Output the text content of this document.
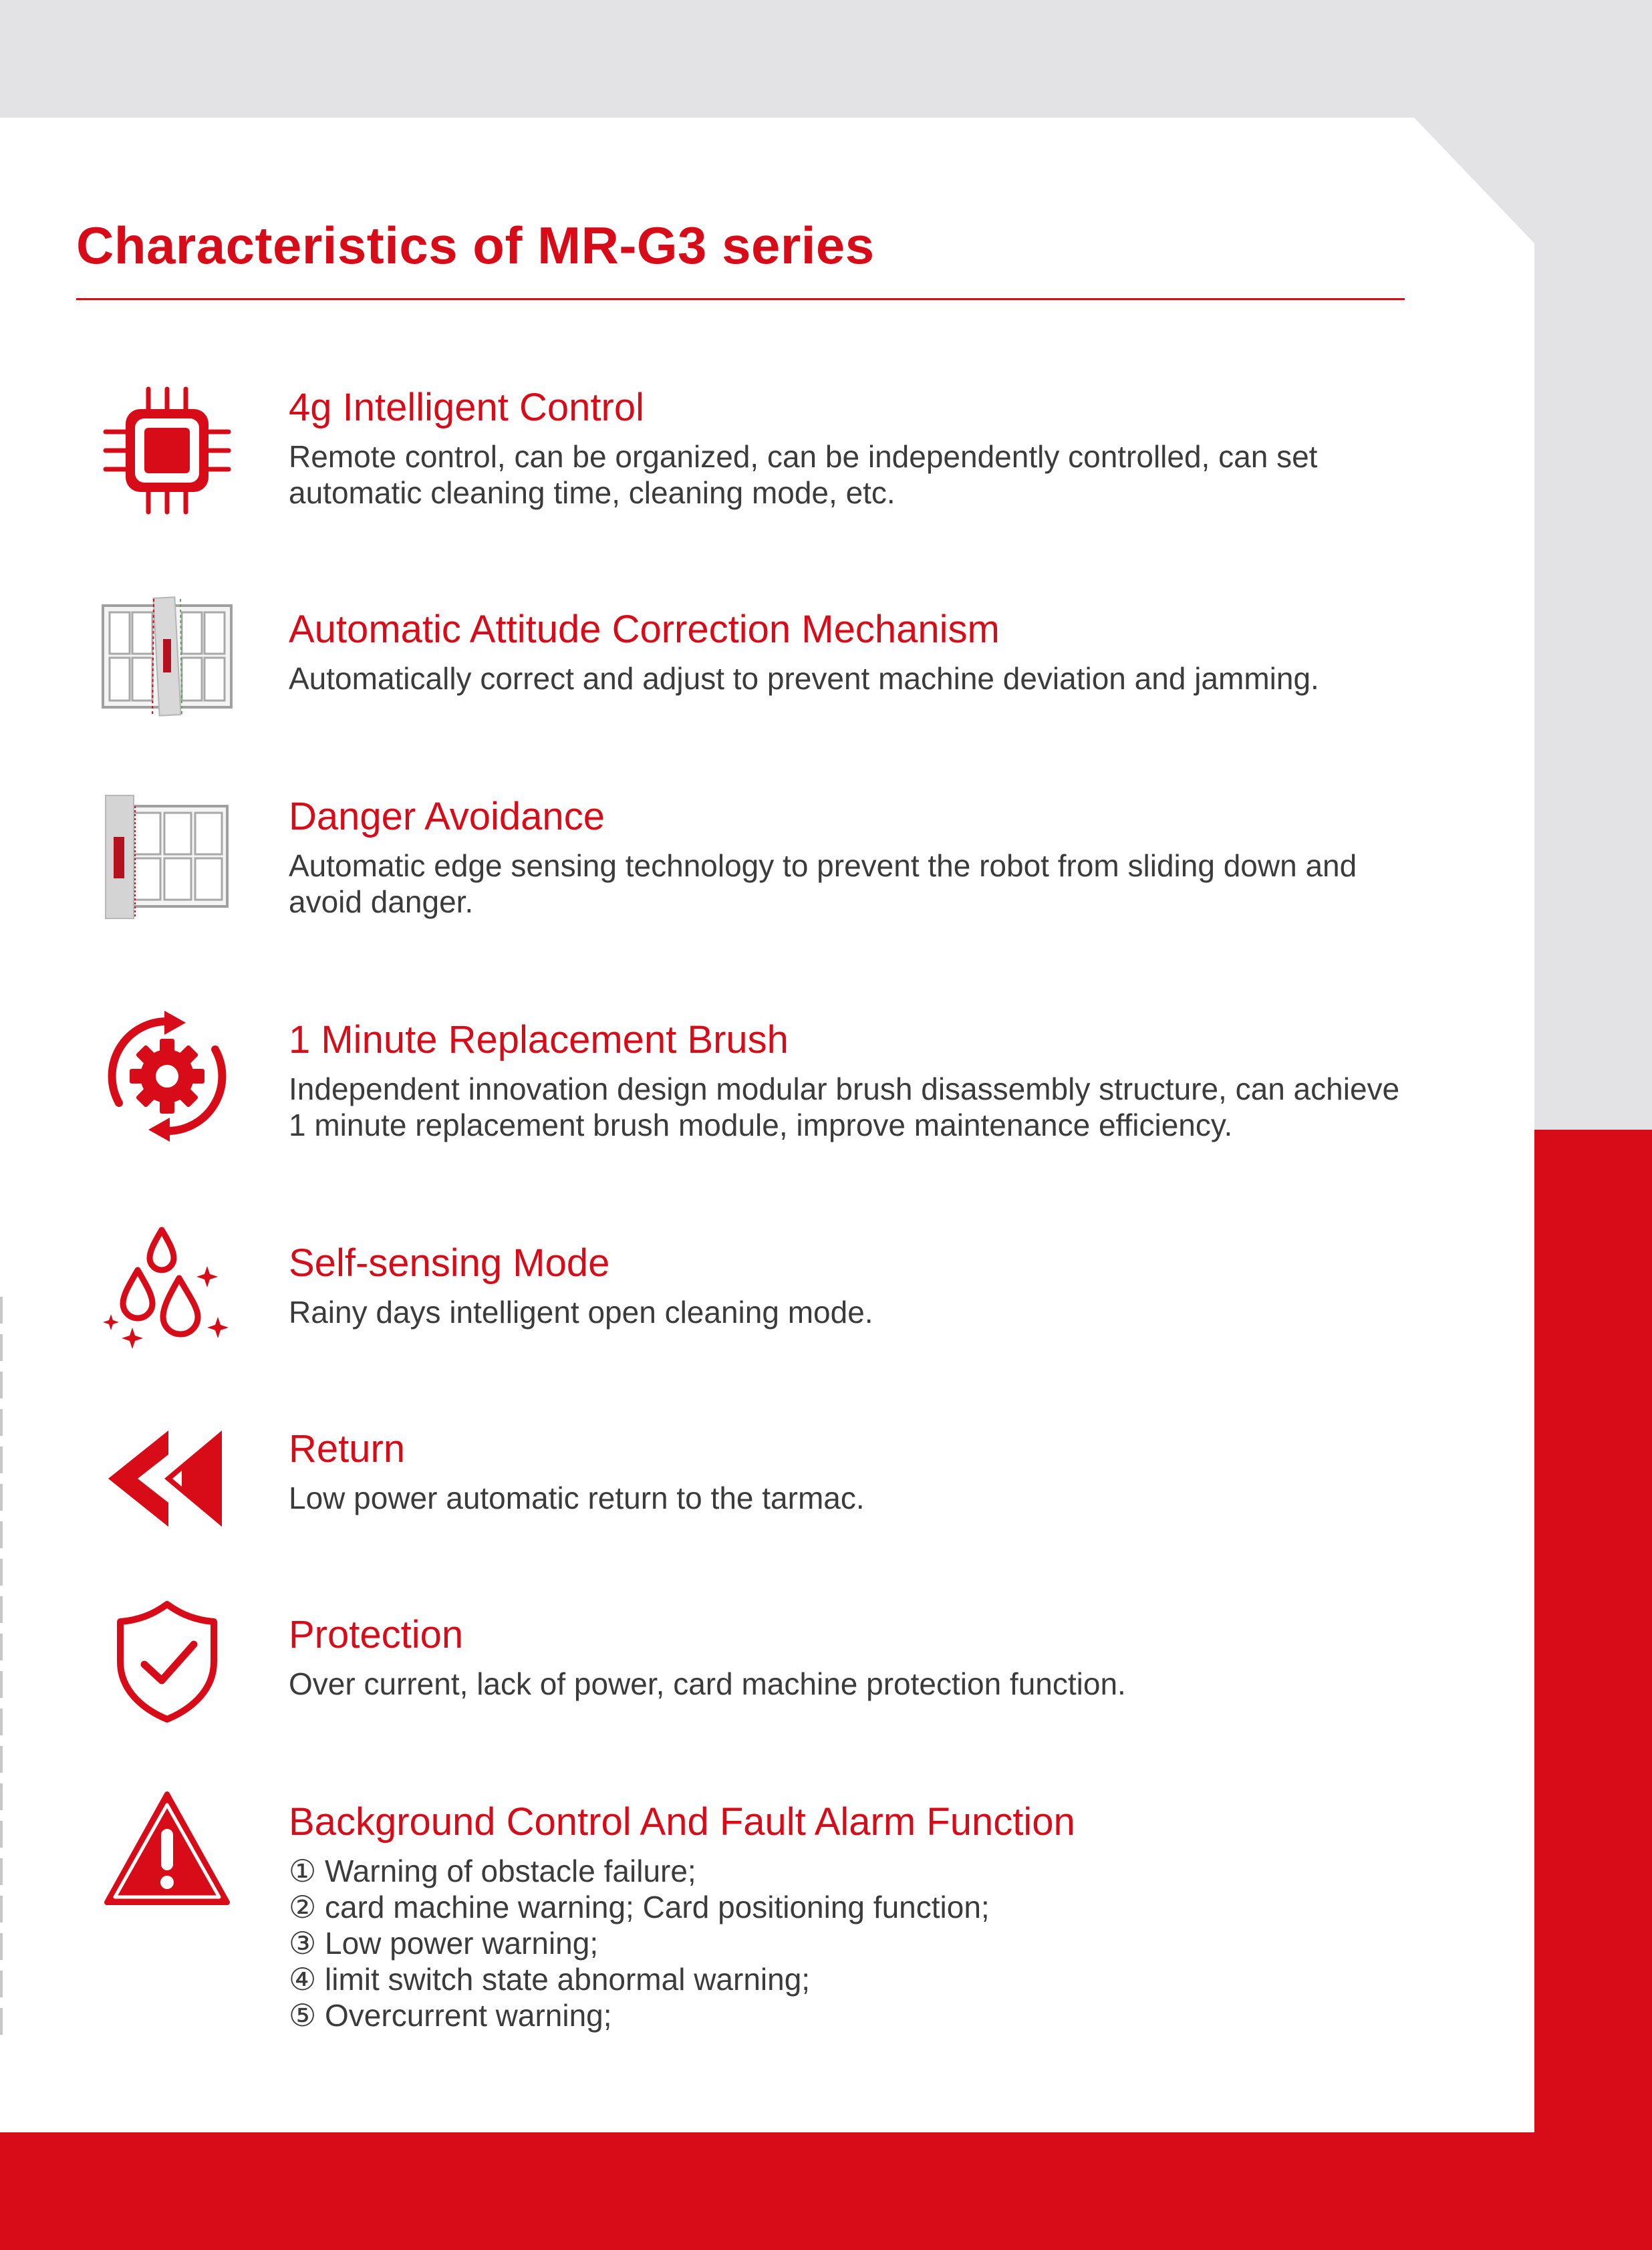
Characteristics of MR-G3 series
4g Intelligent Control

Remote control, can be organized, can be independently controlled, can set automatic cleaning time, cleaning mode, etc.

Automatic Attitude Correction Mechanism

Automatically correct and adjust to prevent machine deviation and jamming.

Danger Avoidance

Automatic edge sensing technology to prevent the robot from sliding down and avoid danger.

1 Minute Replacement Brush

Independent innovation design modular brush disassembly structure, can achieve 1 minute replacement brush module, improve maintenance efficiency.

Self-sensing Mode

Rainy days intelligent open cleaning mode.

Return

Low power automatic return to the tarmac.

Protection

Over current, lack of power, card machine protection function.

Background Control And Fault Alarm Function
① Warning of obstacle failure;
② card machine warning; Card positioning function;
③ Low power warning;
④ limit switch state abnormal warning;
⑤ Overcurrent warning;
